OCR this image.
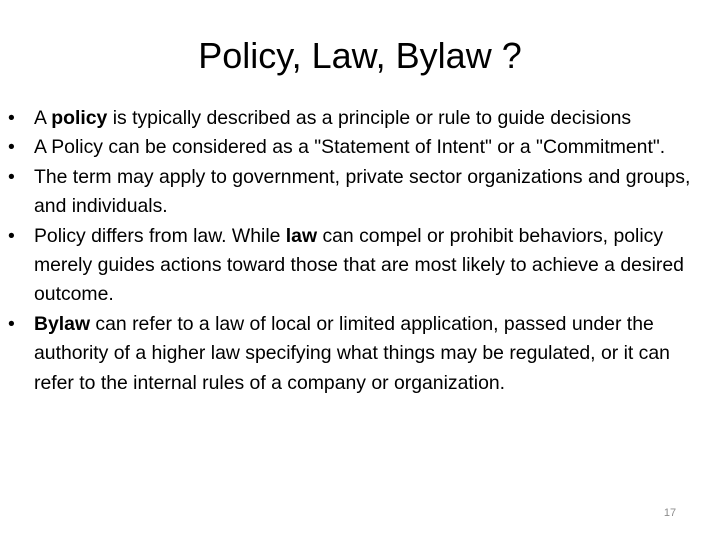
Policy, Law, Bylaw ?
• A policy is typically described as a principle or rule to guide decisions
• A Policy can be considered as a "Statement of Intent" or a "Commitment".
• The term may apply to government, private sector organizations and groups, and individuals.
• Policy differs from law. While law can compel or prohibit behaviors, policy merely guides actions toward those that are most likely to achieve a desired outcome.
• Bylaw can refer to a law of local or limited application, passed under the authority of a higher law specifying what things may be regulated, or it can refer to the internal rules of a company or organization.
17
